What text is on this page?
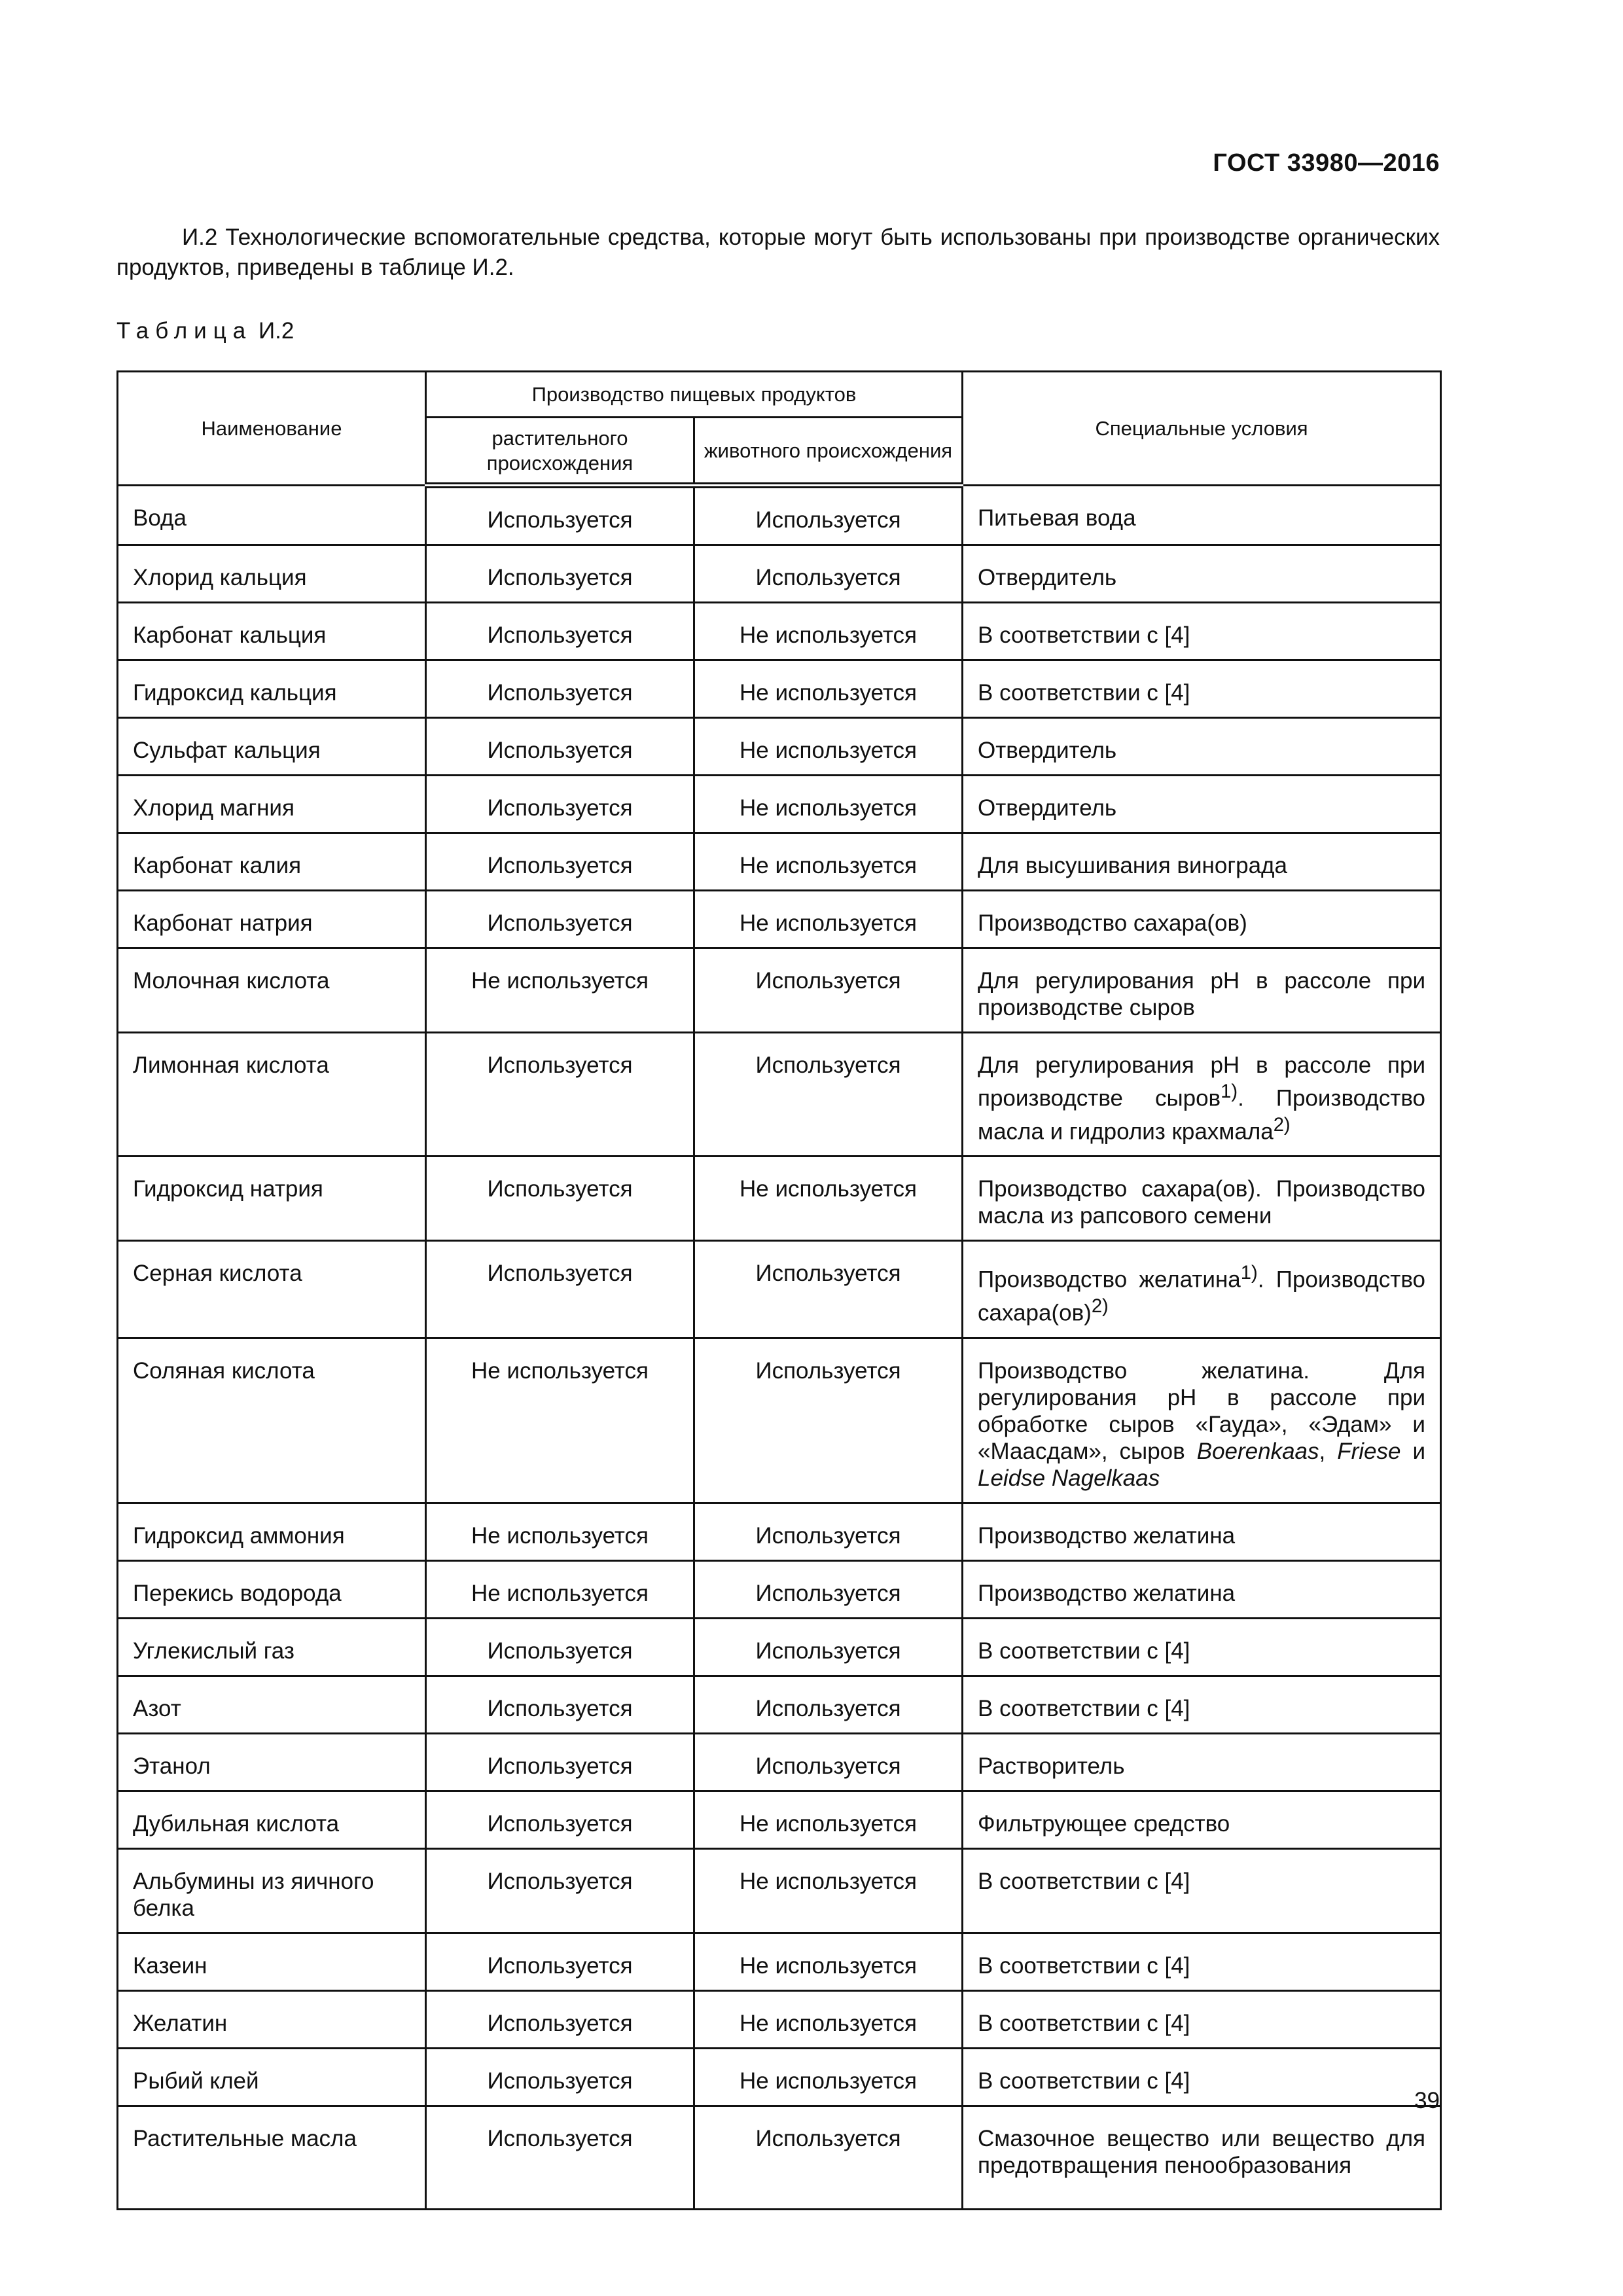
ГОСТ 33980—2016

И.2 Технологические вспомогательные средства, которые могут быть использованы при производстве органических продуктов, приведены в таблице И.2.

Таблица И.2
Наименование	Производство пищевых продуктов		Специальные условия
	растительного происхождения	животного происхождения	
Вода	Используется	Используется	Питьевая вода
Хлорид кальция	Используется	Используется	Отвердитель
Карбонат кальция	Используется	Не используется	В соответствии с [4]
Гидроксид кальция	Используется	Не используется	В соответствии с [4]
Сульфат кальция	Используется	Не используется	Отвердитель
Хлорид магния	Используется	Не используется	Отвердитель
Карбонат калия	Используется	Не используется	Для высушивания винограда
Карбонат натрия	Используется	Не используется	Производство сахара(ов)
Молочная кислота	Не используется	Используется	Для регулирования pH в рассоле при производстве сыров
Лимонная кислота	Используется	Используется	Для регулирования pH в рассоле при производстве сыров$^{1)}$. Производство масла и гидролиз крахмала$^{2)}$
Гидроксид натрия	Используется	Не используется	Производство сахара(ов). Производство масла из рапсового семени
Серная кислота	Используется	Используется	Производство желатина$^{1)}$. Производство сахара(ов)$^{2)}$
Соляная кислота	Не используется	Используется	Производство желатина. Для регулирования pH в рассоле при обработке сыров «Гауда», «Эдам» и «Маасдам», сыров Boerenkaas, Friese и Leidse Nagelkaas
Гидроксид аммония	Не используется	Используется	Производство желатина
Перекись водорода	Не используется	Используется	Производство желатина
Углекислый газ	Используется	Используется	В соответствии с [4]
Азот	Используется	Используется	В соответствии с [4]
Этанол	Используется	Используется	Растворитель
Дубильная кислота	Используется	Не используется	Фильтрующее средство
Альбумины из яичного белка	Используется	Не используется	В соответствии с [4]
Казеин	Используется	Не используется	В соответствии с [4]
Желатин	Используется	Не используется	В соответствии с [4]
Рыбий клей	Используется	Не используется	В соответствии с [4]
Растительные масла	Используется	Используется	Смазочное вещество или вещество для предотвращения пенообразования
39
